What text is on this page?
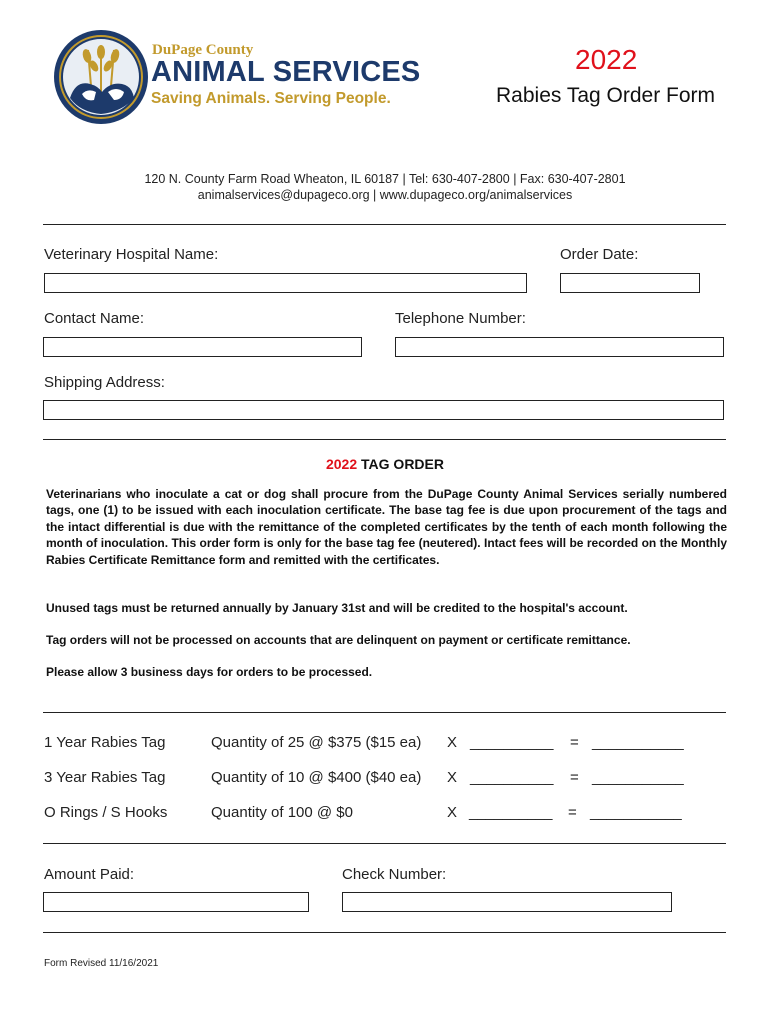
DuPage County
ANIMAL SERVICES
Saving Animals. Serving People.
2022
Rabies Tag Order Form
120 N. County Farm Road Wheaton, IL 60187 | Tel: 630-407-2800 | Fax: 630-407-2801
animalservices@dupageco.org | www.dupageco.org/animalservices
Veterinary Hospital Name:	Order Date:
Contact Name:	Telephone Number:
Shipping Address:
2022 TAG ORDER
Veterinarians who inoculate a cat or dog shall procure from the DuPage County Animal Services serially numbered tags, one (1) to be issued with each inoculation certificate. The base tag fee is due upon procurement of the tags and the intact differential is due with the remittance of the completed certificates by the tenth of each month following the month of inoculation. This order form is only for the base tag fee (neutered). Intact fees will be recorded on the Monthly Rabies Certificate Remittance form and remitted with the certificates.
Unused tags must be returned annually by January 31st and will be credited to the hospital's account.
Tag orders will not be processed on accounts that are delinquent on payment or certificate remittance.
Please allow 3 business days for orders to be processed.
1 Year Rabies Tag	Quantity of 25 @ $375 ($15 ea) X __________ = ___________
3 Year Rabies Tag	Quantity of 10 @ $400 ($40 ea) X __________ = ___________
O Rings / S Hooks	Quantity of 100 @ $0	X __________ = ___________
Amount Paid:	Check Number:
Form Revised 11/16/2021
